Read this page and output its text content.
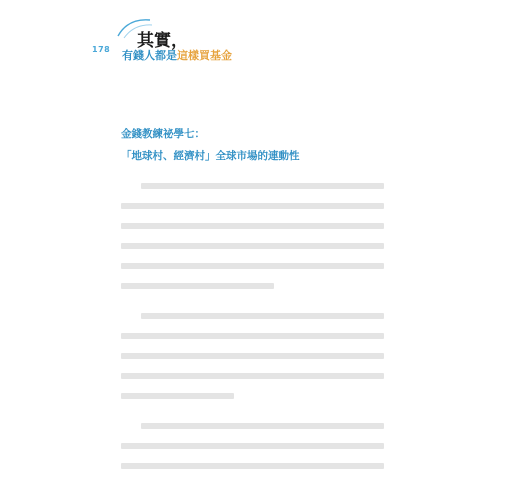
178 其實，
有錢人都是這樣買基金
金錢教練祕學七：
「地球村、經濟村」全球市場的連動性
